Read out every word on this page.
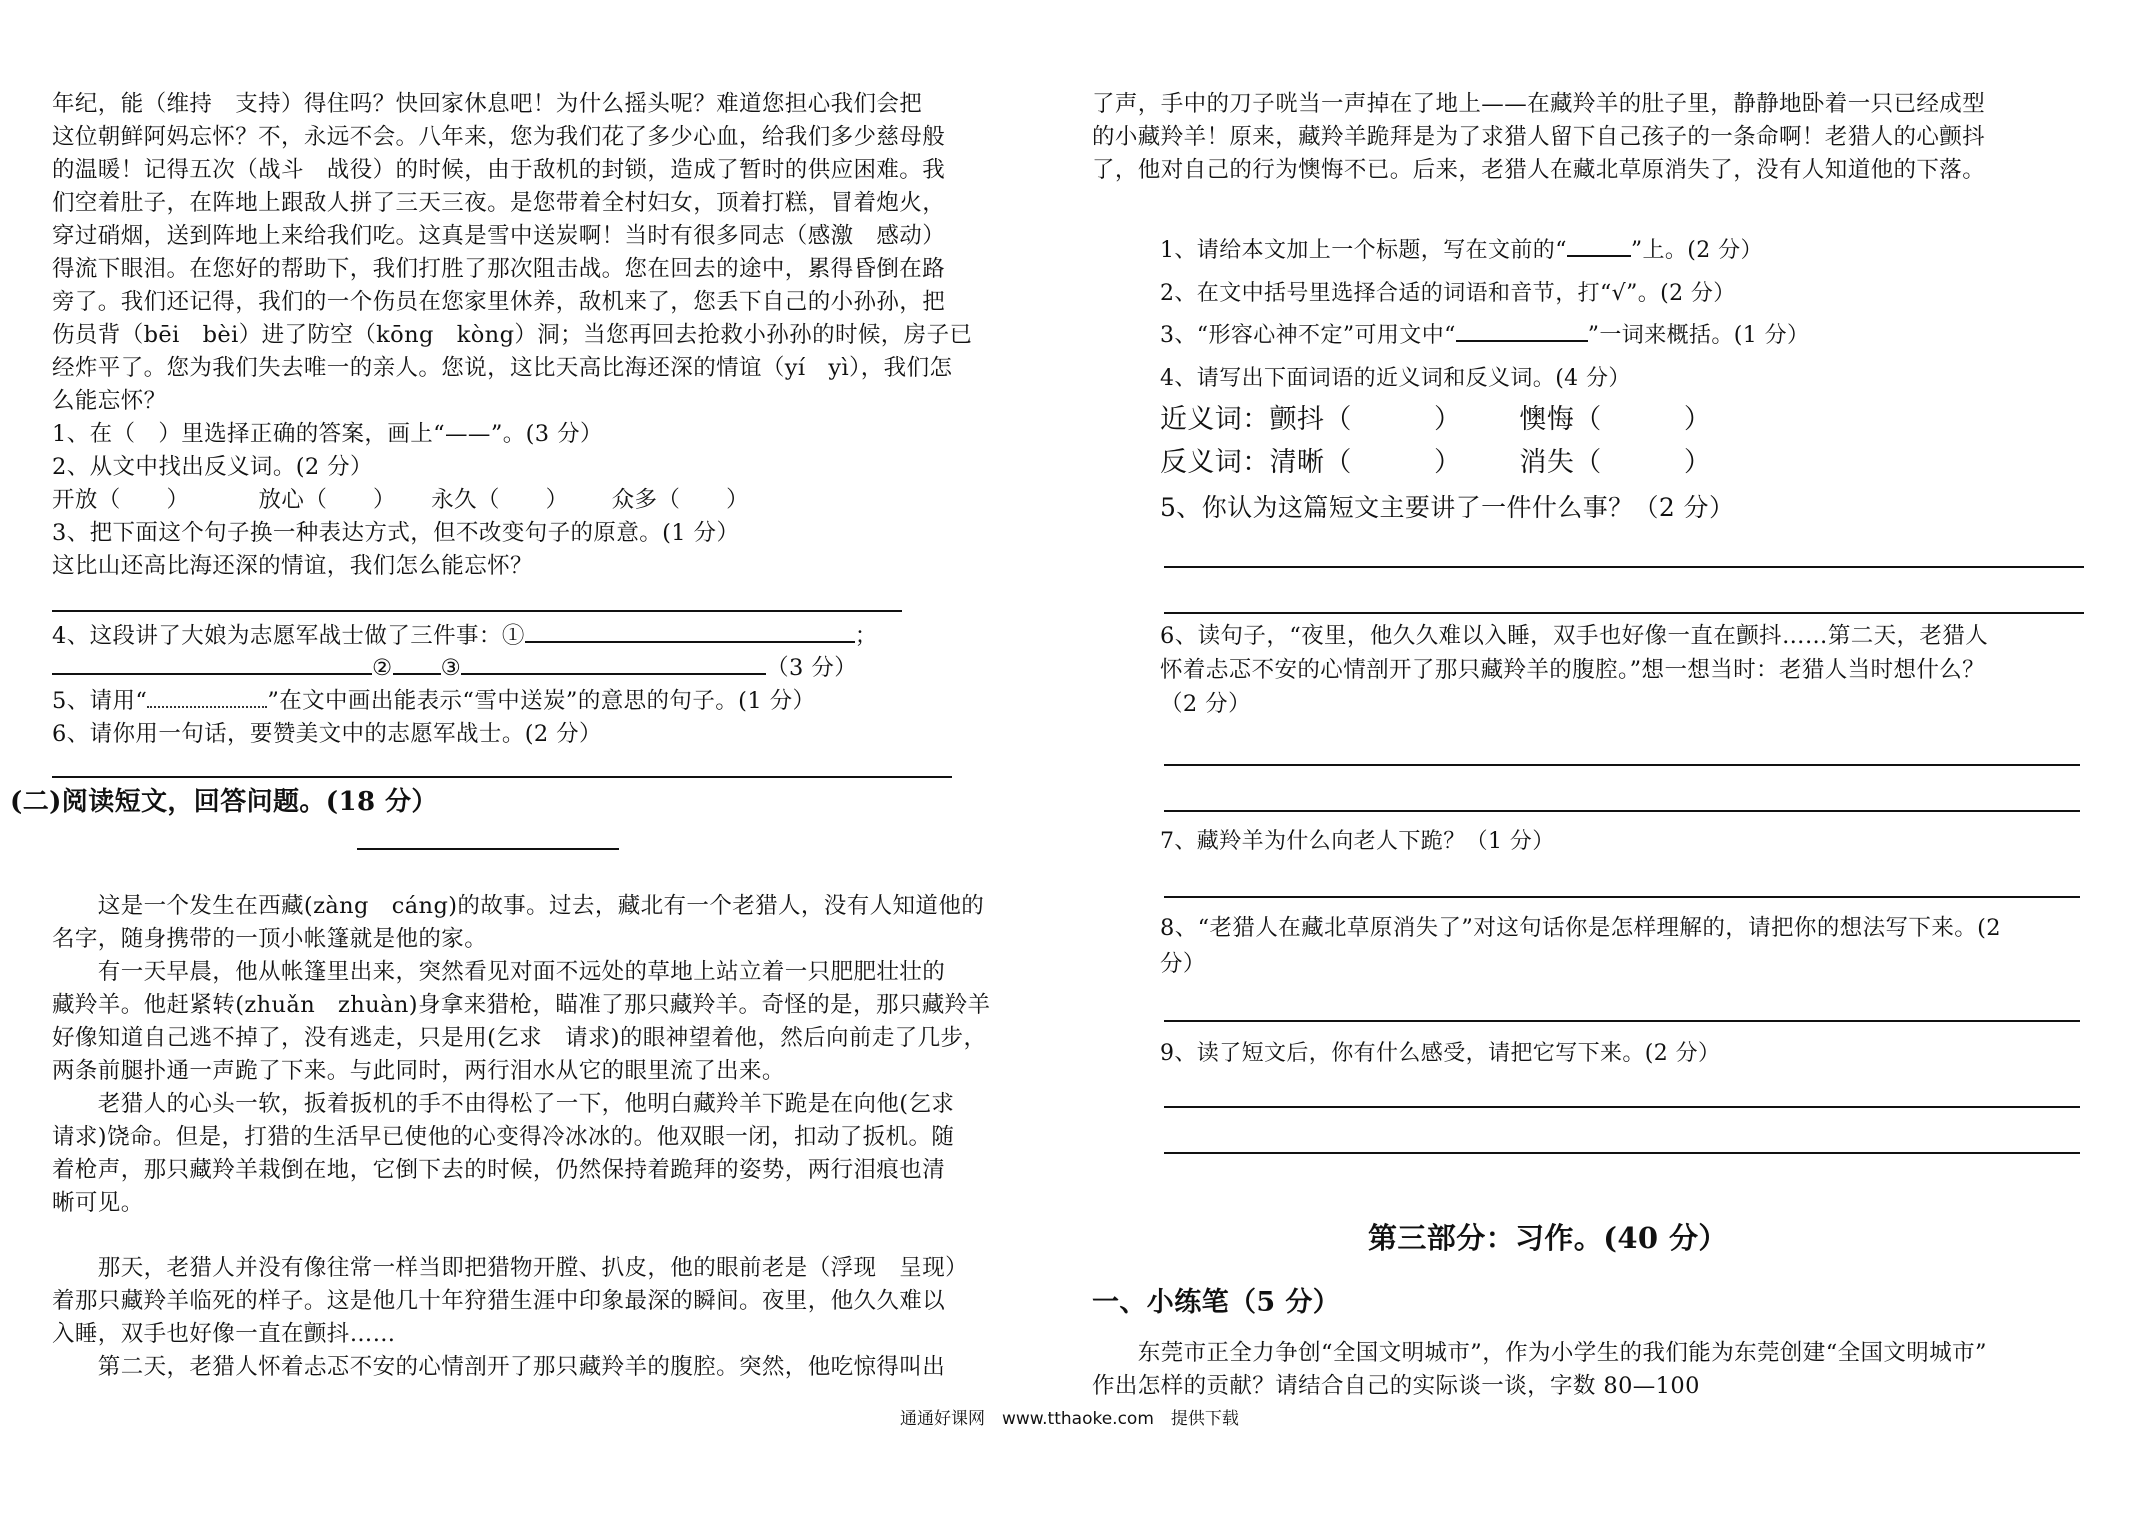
年纪，能（维持　支持）得住吗？快回家休息吧！为什么摇头呢？难道您担心我们会把

这位朝鲜阿妈忘怀？不，永远不会。八年来，您为我们花了多少心血，给我们多少慈母般

的温暖！记得五次（战斗　战役）的时候，由于敌机的封锁，造成了暂时的供应困难。我

们空着肚子，在阵地上跟敌人拼了三天三夜。是您带着全村妇女，顶着打糕，冒着炮火，

穿过硝烟，送到阵地上来给我们吃。这真是雪中送炭啊！当时有很多同志（感激　感动）

得流下眼泪。在您好的帮助下，我们打胜了那次阻击战。您在回去的途中，累得昏倒在路

旁了。我们还记得，我们的一个伤员在您家里休养，敌机来了，您丢下自己的小孙孙，把

伤员背（bēi　bèi）进了防空（kōng　kòng）洞；当您再回去抢救小孙孙的时候，房子已

经炸平了。您为我们失去唯一的亲人。您说，这比天高比海还深的情谊（yí　yì），我们怎

么能忘怀？

1、在（　）里选择正确的答案，画上“——”。(3 分）

2、从文中找出反义词。(2 分）

开放（　　）	放心（　　） 永久（　　） 众多（　　）

3、把下面这个句子换一种表达方式，但不改变句子的原意。(1 分）

这比山还高比海还深的情谊，我们怎么能忘怀？

4、这段讲了大娘为志愿军战士做了三件事：①	；
② ③	（3 分）
5、请用“	”在文中画出能表示“雪中送炭”的意思的句子。(1 分）

6、请你用一句话，要赞美文中的志愿军战士。(2 分）

(二)阅读短文，回答问题。(18 分）

　　这是一个发生在西藏(zàng　cáng)的故事。过去，藏北有一个老猎人，没有人知道他的

名字，随身携带的一顶小帐篷就是他的家。

　　有一天早晨，他从帐篷里出来，突然看见对面不远处的草地上站立着一只肥肥壮壮的

藏羚羊。他赶紧转(zhuǎn　zhuàn)身拿来猎枪，瞄准了那只藏羚羊。奇怪的是，那只藏羚羊

好像知道自己逃不掉了，没有逃走，只是用(乞求　请求)的眼神望着他，然后向前走了几步，

两条前腿扑通一声跪了下来。与此同时，两行泪水从它的眼里流了出来。

　　老猎人的心头一软，扳着扳机的手不由得松了一下，他明白藏羚羊下跪是在向他(乞求

请求)饶命。但是，打猎的生活早已使他的心变得冷冰冰的。他双眼一闭，扣动了扳机。随

着枪声，那只藏羚羊栽倒在地，它倒下去的时候，仍然保持着跪拜的姿势，两行泪痕也清

晰可见。

　　那天，老猎人并没有像往常一样当即把猎物开膛、扒皮，他的眼前老是（浮现　呈现）

着那只藏羚羊临死的样子。这是他几十年狩猎生涯中印象最深的瞬间。夜里，他久久难以

入睡，双手也好像一直在颤抖……

　　第二天，老猎人怀着忐忑不安的心情剖开了那只藏羚羊的腹腔。突然，他吃惊得叫出

了声，手中的刀子咣当一声掉在了地上——在藏羚羊的肚子里，静静地卧着一只已经成型

的小藏羚羊！原来，藏羚羊跪拜是为了求猎人留下自己孩子的一条命啊！老猎人的心颤抖

了，他对自己的行为懊悔不已。后来，老猎人在藏北草原消失了，没有人知道他的下落。

1、请给本文加上一个标题，写在文前的“	”上。(2 分）

2、在文中括号里选择合适的词语和音节，打“√”。(2 分）

3、“形容心神不定”可用文中“	”一词来概括。(1 分）

4、请写出下面词语的近义词和反义词。(4 分）

近义词：颤抖（　　　） 懊悔（　　　）
反义词：清晰（　　　） 消失（　　　）

5、你认为这篇短文主要讲了一件什么事？（2 分）

6、读句子，“夜里，他久久难以入睡，双手也好像一直在颤抖……第二天，老猎人

怀着忐忑不安的心情剖开了那只藏羚羊的腹腔。”想一想当时：老猎人当时想什么？

（2 分）

7、藏羚羊为什么向老人下跪？（1 分）

8、“老猎人在藏北草原消失了”对这句话你是怎样理解的，请把你的想法写下来。(2

分）

9、读了短文后，你有什么感受，请把它写下来。(2 分）

第三部分：习作。(40 分）

一、小练笔（5 分）

　　东莞市正全力争创“全国文明城市”，作为小学生的我们能为东莞创建“全国文明城市”

作出怎样的贡献？请结合自己的实际谈一谈，字数 80—100

通通好课网　www.tthaoke.com　提供下载
